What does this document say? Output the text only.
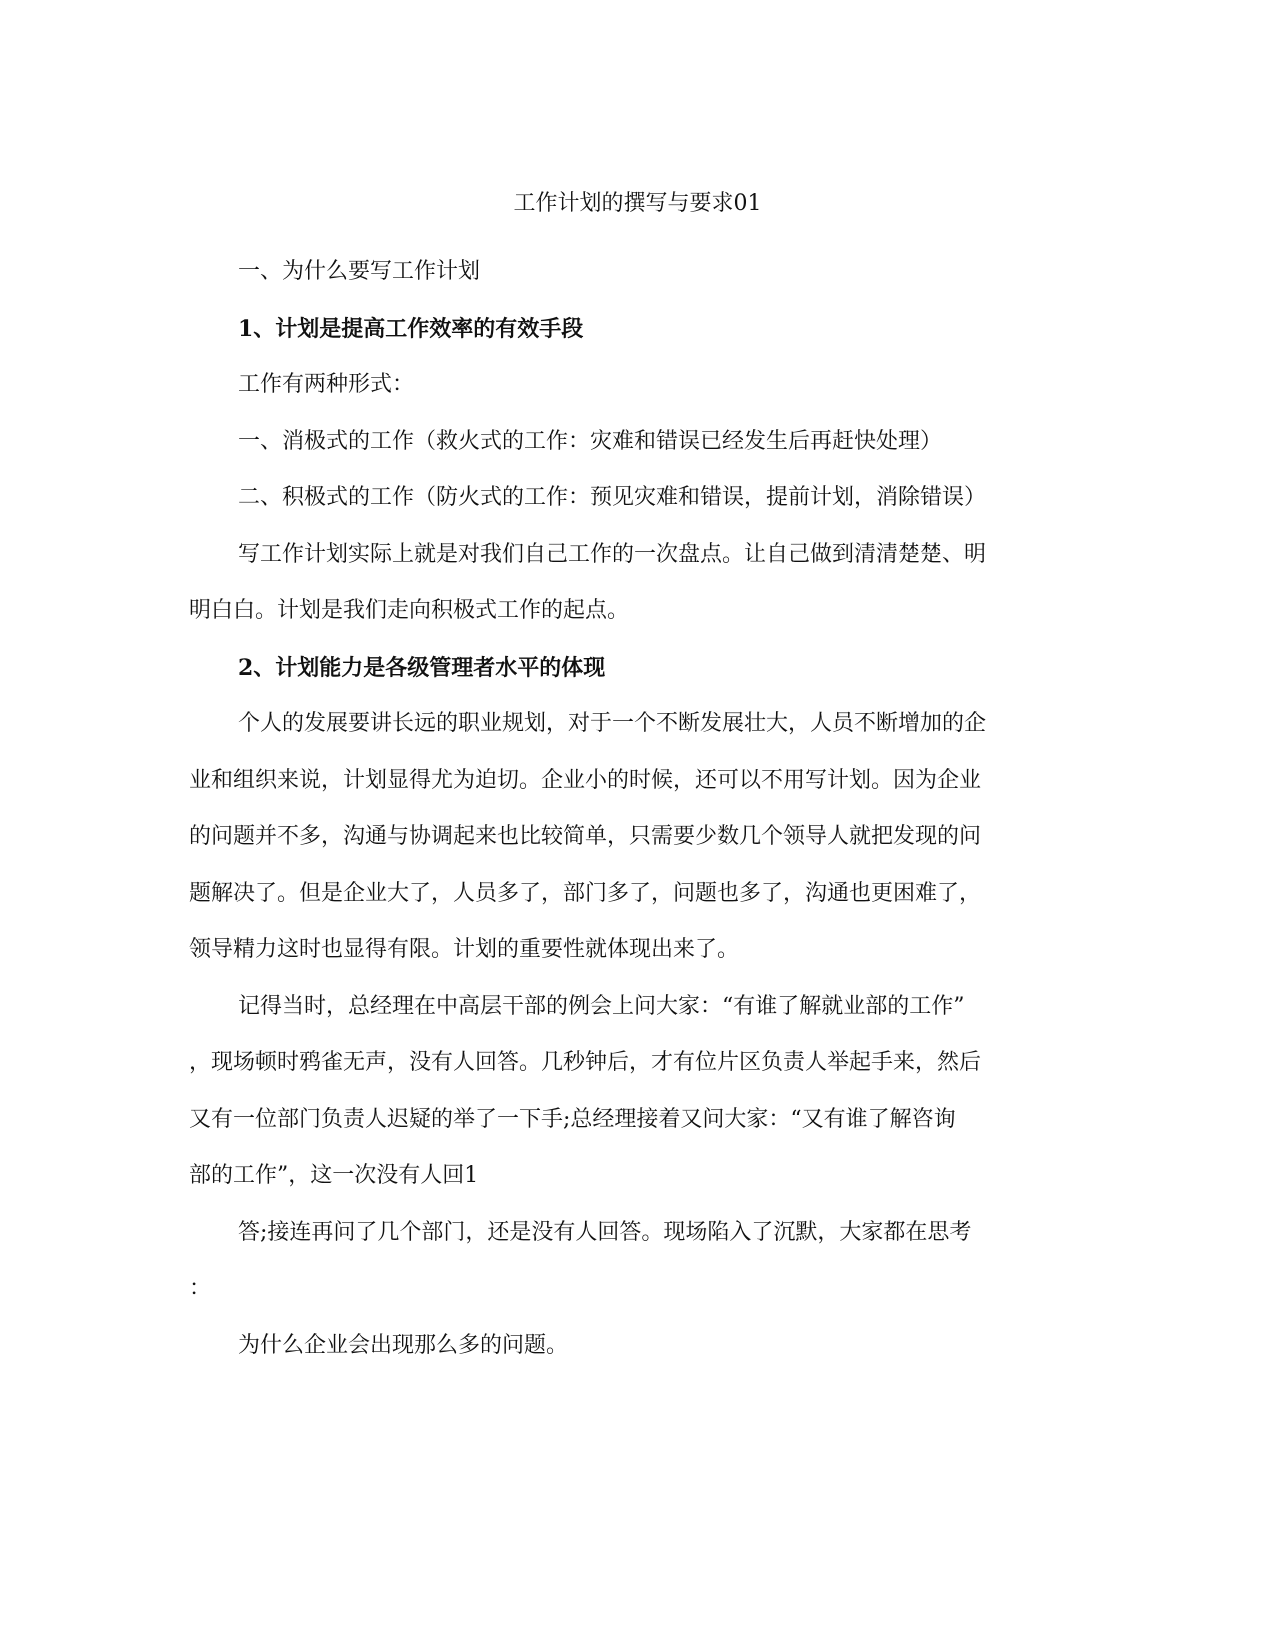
工作计划的撰写与要求01

一、为什么要写工作计划

1、计划是提高工作效率的有效手段

工作有两种形式：

一、消极式的工作（救火式的工作：灾难和错误已经发生后再赶快处理）

二、积极式的工作（防火式的工作：预见灾难和错误，提前计划，消除错误）

写工作计划实际上就是对我们自己工作的一次盘点。让自己做到清清楚楚、明

明白白。计划是我们走向积极式工作的起点。

2、计划能力是各级管理者水平的体现

个人的发展要讲长远的职业规划，对于一个不断发展壮大，人员不断增加的企

业和组织来说，计划显得尤为迫切。企业小的时候，还可以不用写计划。因为企业

的问题并不多，沟通与协调起来也比较简单，只需要少数几个领导人就把发现的问

题解决了。但是企业大了，人员多了，部门多了，问题也多了，沟通也更困难了，

领导精力这时也显得有限。计划的重要性就体现出来了。

记得当时，总经理在中高层干部的例会上问大家：“有谁了解就业部的工作”

，现场顿时鸦雀无声，没有人回答。几秒钟后，才有位片区负责人举起手来，然后

又有一位部门负责人迟疑的举了一下手;总经理接着又问大家：“又有谁了解咨询

部的工作”，这一次没有人回1

答;接连再问了几个部门，还是没有人回答。现场陷入了沉默，大家都在思考

：

为什么企业会出现那么多的问题。
